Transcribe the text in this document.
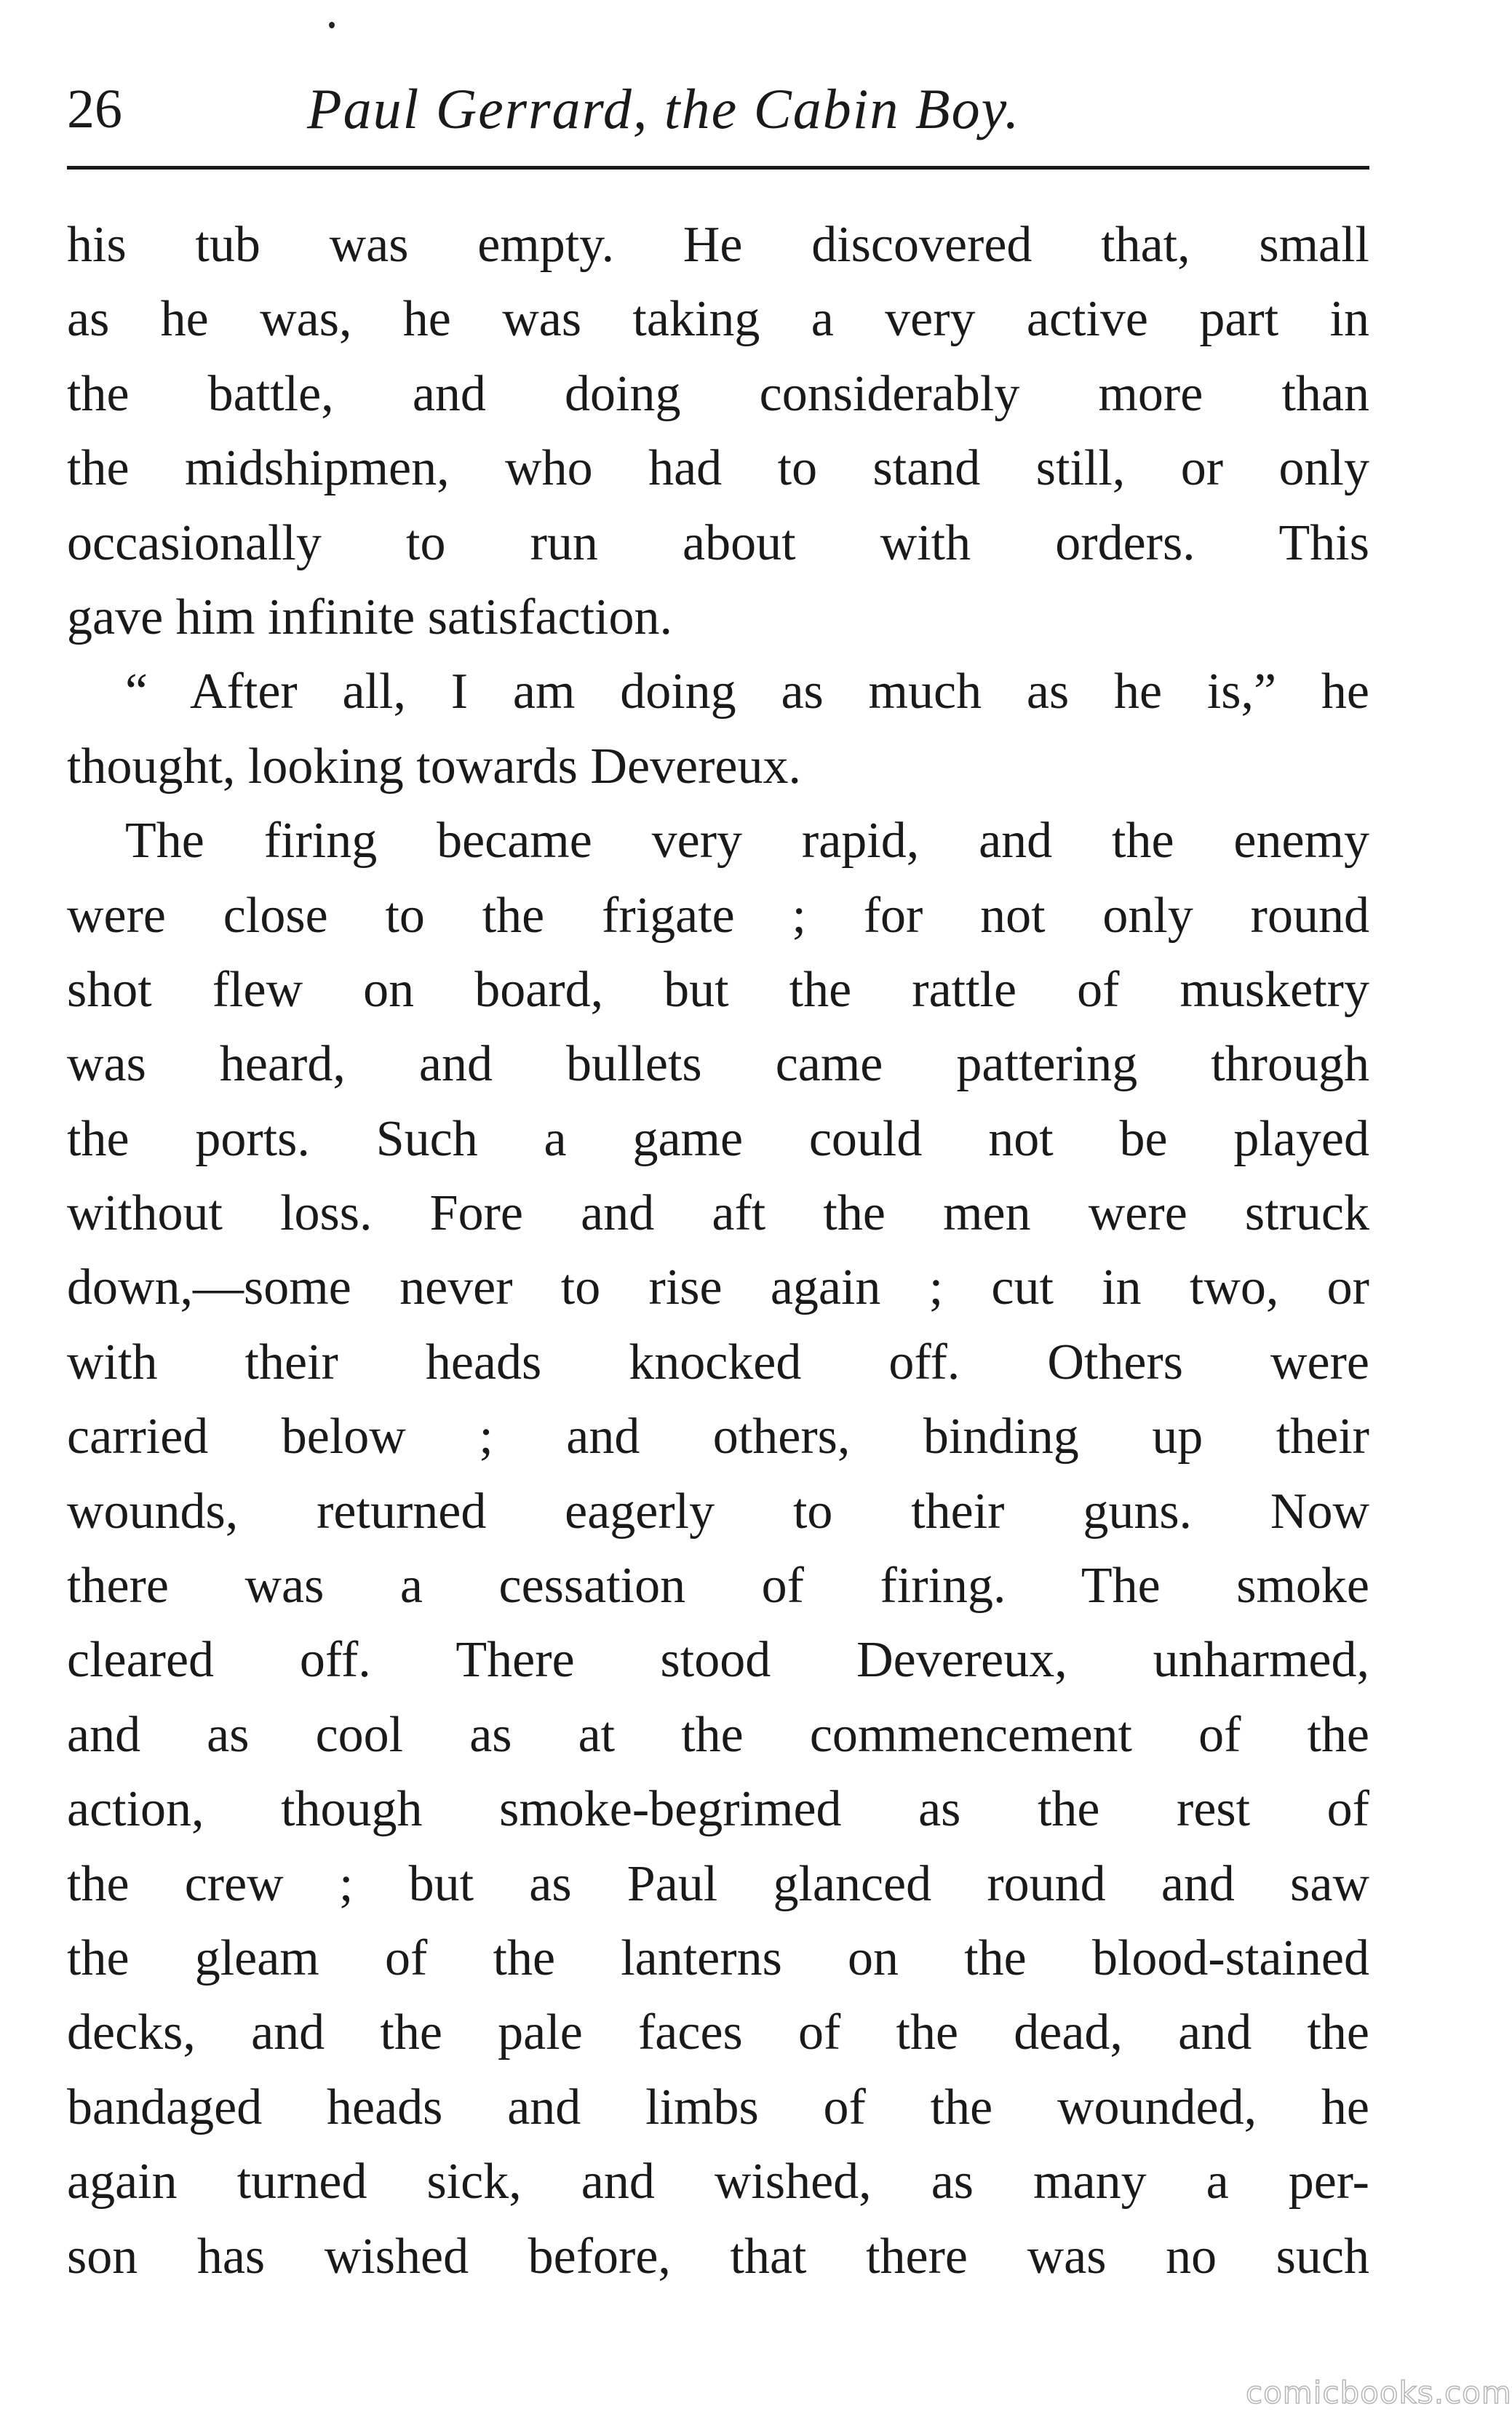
26	Paul Gerrard, the Cabin Boy.
his tub was empty. He discovered that, small
as he was, he was taking a very active part in
the battle, and doing considerably more than
the midshipmen, who had to stand still, or only
occasionally to run about with orders. This
gave him infinite satisfaction.
“ After all, I am doing as much as he is,” he
thought, looking towards Devereux.
The firing became very rapid, and the enemy
were close to the frigate ; for not only round
shot flew on board, but the rattle of musketry
was heard, and bullets came pattering through
the ports. Such a game could not be played
without loss. Fore and aft the men were struck
down,—some never to rise again ; cut in two, or
with their heads knocked off. Others were
carried below ; and others, binding up their
wounds, returned eagerly to their guns. Now
there was a cessation of firing. The smoke
cleared off. There stood Devereux, unharmed,
and as cool as at the commencement of the
action, though smoke-begrimed as the rest of
the crew ; but as Paul glanced round and saw
the gleam of the lanterns on the blood-stained
decks, and the pale faces of the dead, and the
bandaged heads and limbs of the wounded, he
again turned sick, and wished, as many a per-
son has wished before, that there was no such
comicbooks.com
